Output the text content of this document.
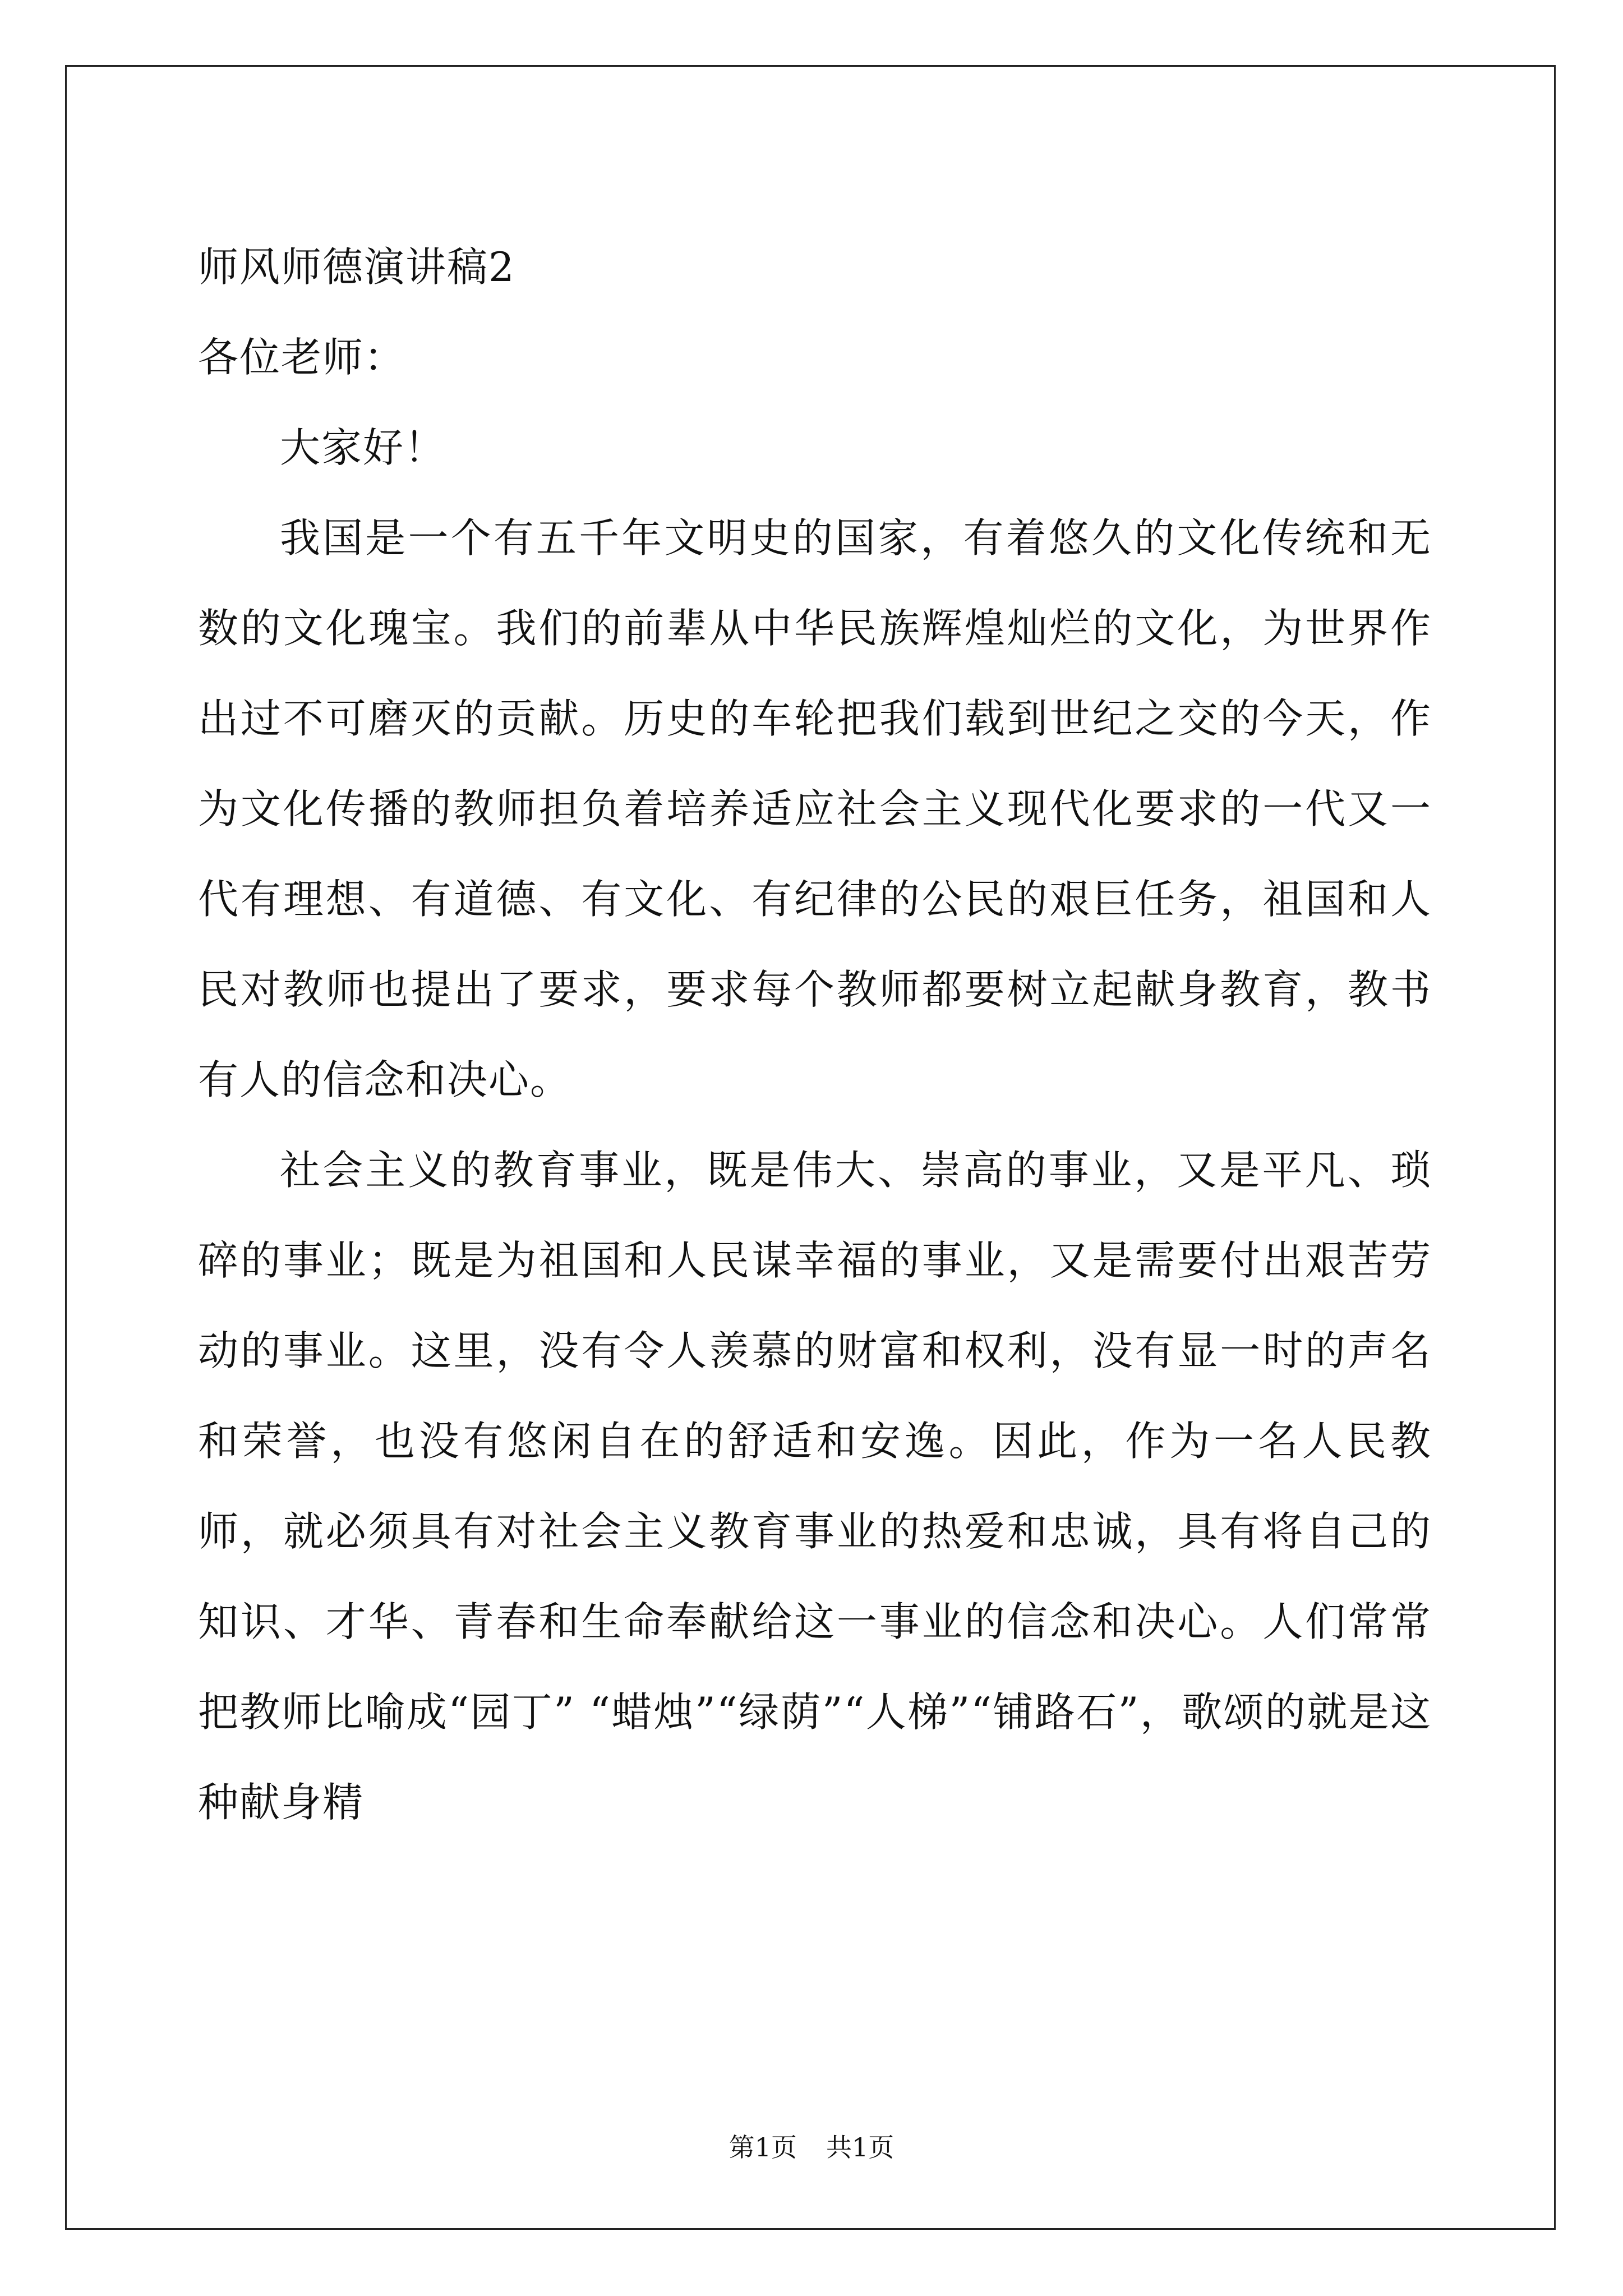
师风师德演讲稿2

各位老师：

大家好！

我国是一个有五千年文明史的国家，有着悠久的文化传统和无数的文化瑰宝。我们的前辈从中华民族辉煌灿烂的文化，为世界作出过不可磨灭的贡献。历史的车轮把我们载到世纪之交的今天，作为文化传播的教师担负着培养适应社会主义现代化要求的一代又一代有理想、有道德、有文化、有纪律的公民的艰巨任务，祖国和人民对教师也提出了要求，要求每个教师都要树立起献身教育，教书有人的信念和决心。

社会主义的教育事业，既是伟大、崇高的事业，又是平凡、琐碎的事业；既是为祖国和人民谋幸福的事业，又是需要付出艰苦劳动的事业。这里，没有令人羡慕的财富和权利，没有显一时的声名和荣誉，也没有悠闲自在的舒适和安逸。因此，作为一名人民教师，就必须具有对社会主义教育事业的热爱和忠诚，具有将自己的知识、才华、青春和生命奉献给这一事业的信念和决心。人们常常把教师比喻成“园丁” “蜡烛”“绿荫”“人梯”“铺路石”，歌颂的就是这种献身精

第1页 共1页
